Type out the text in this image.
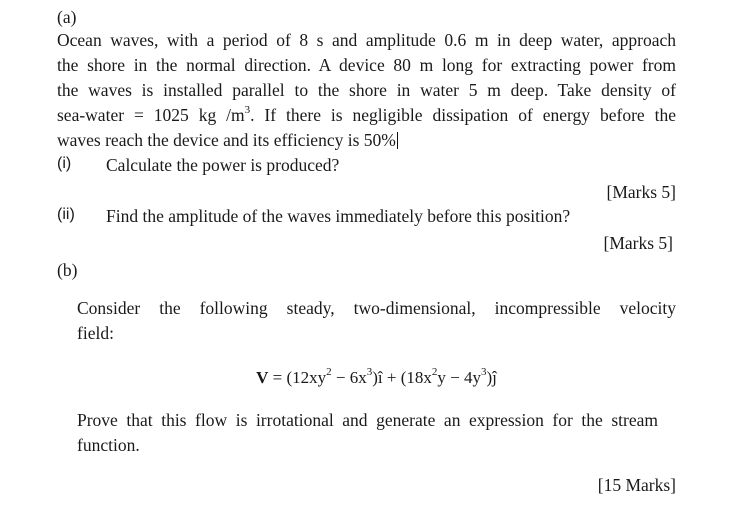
(a)
Ocean waves, with a period of 8 s and amplitude 0.6 m in deep water, approach
the shore in the normal direction. A device 80 m long for extracting power from
the waves is installed parallel to the shore in water 5 m deep. Take density of
sea-water = 1025 kg $/m^3$. If there is negligible dissipation of energy before the
waves reach the device and its efficiency is 50%
(i) Calculate the power is produced?
[Marks 5]
(ii) Find the amplitude of the waves immediately before this position?
[Marks 5]
(b)
Consider the following steady, two-dimensional, incompressible velocity
field:
$V = (12xy^2$ − $6x^3)î + (18x^2y$ − $4y^3)ĵ$
Prove that this flow is irrotational and generate an expression for the stream
function.
[15 Marks]
